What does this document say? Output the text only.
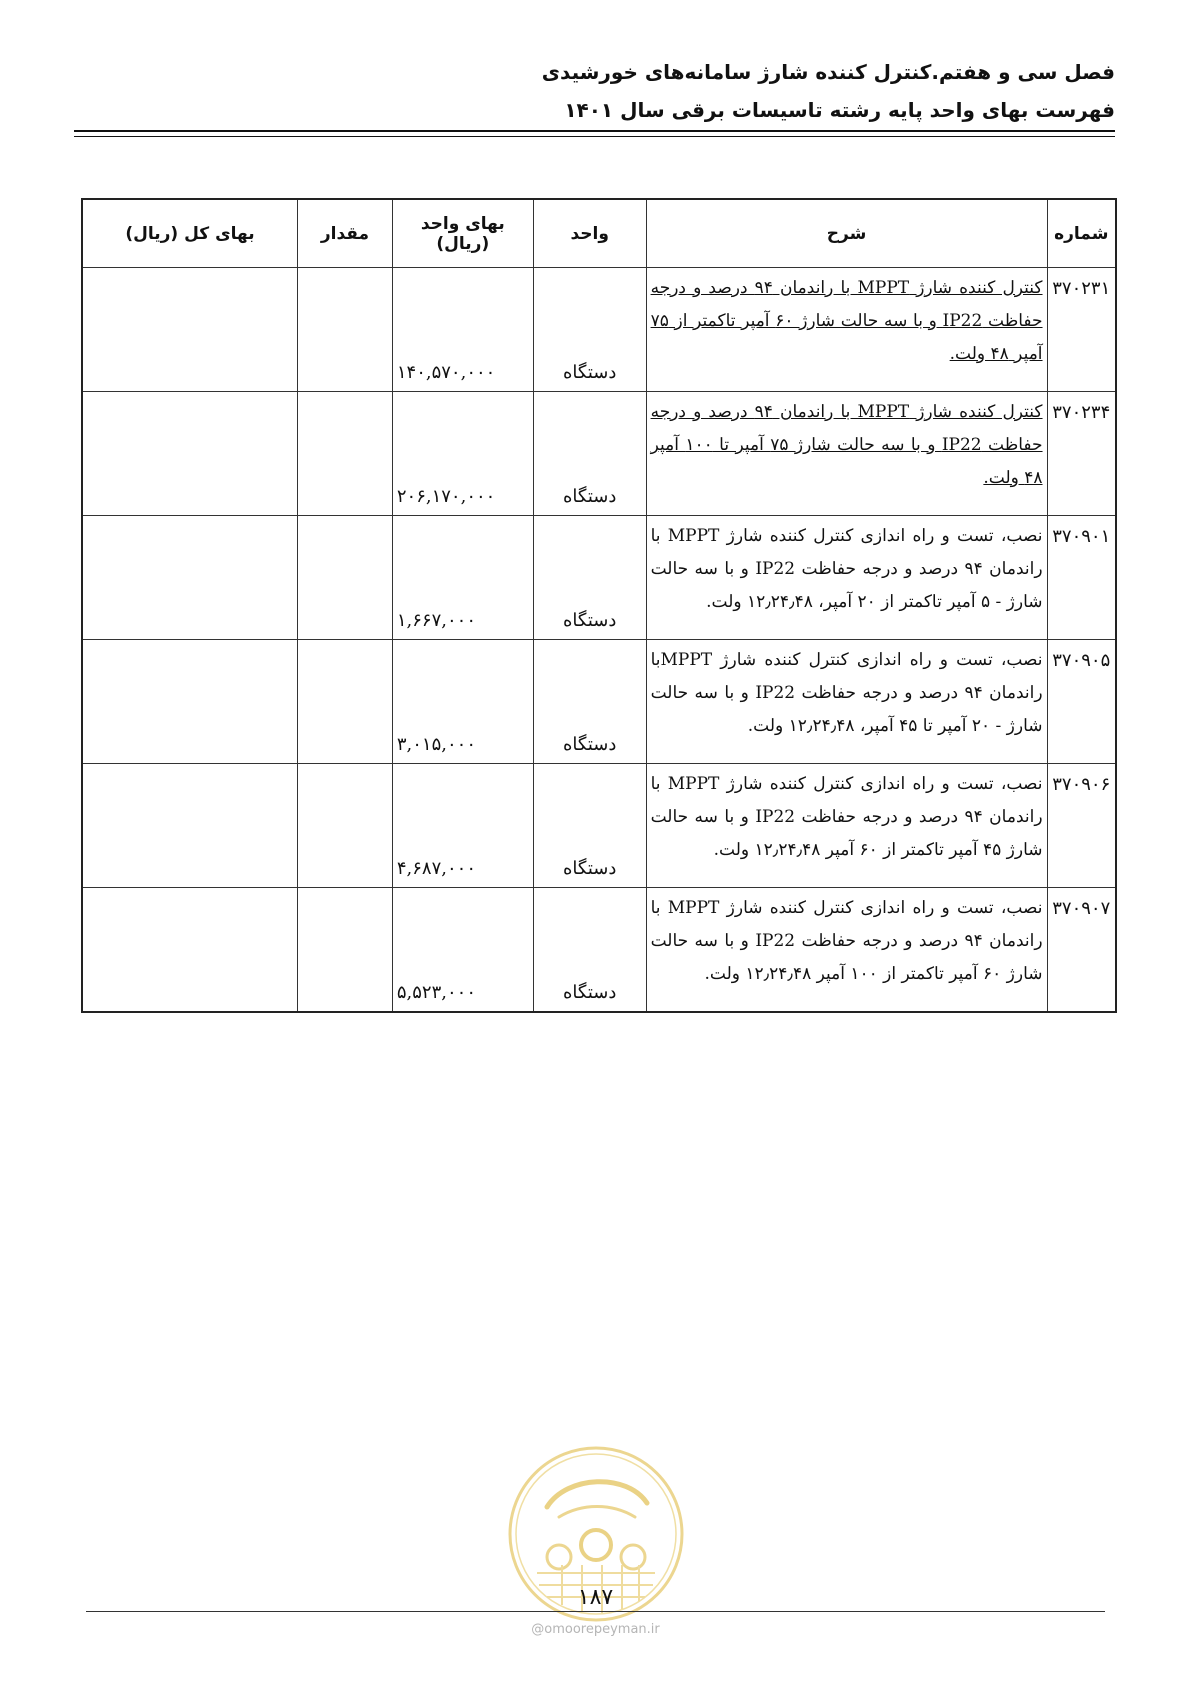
فصل سی و هفتم.کنترل کننده شارژ سامانه‌های خورشیدی
فهرست بهای واحد پایه رشته تاسیسات برقی سال ۱۴۰۱
شماره	شرح	واحد	بهای واحد (ریال)	مقدار	بهای کل (ریال)
۳۷۰۲۳۱	کنترل کننده شارژ MPPT با راندمان ۹۴ درصد و درجه حفاظت IP22 و با سه حالت شارژ ۶۰ آمپر تاکمتر از ۷۵ آمپر ۴۸ ولت.	دستگاه	۱۴۰,۵۷۰,۰۰۰		
۳۷۰۲۳۴	کنترل کننده شارژ MPPT با راندمان ۹۴ درصد و درجه حفاظت IP22 و با سه حالت شارژ ۷۵ آمپر تا ۱۰۰ آمپر ۴۸ ولت.	دستگاه	۲۰۶,۱۷۰,۰۰۰		
۳۷۰۹۰۱	نصب، تست و راه اندازی کنترل کننده شارژ MPPT با راندمان ۹۴ درصد و درجه حفاظت IP22 و با سه حالت شارژ - ۵ آمپر تاکمتر از ۲۰ آمپر، ۱۲٫۲۴٫۴۸ ولت.	دستگاه	۱,۶۶۷,۰۰۰		
۳۷۰۹۰۵	نصب، تست و راه اندازی کنترل کننده شارژ MPPTبا راندمان ۹۴ درصد و درجه حفاظت IP22 و با سه حالت شارژ - ۲۰ آمپر تا ۴۵ آمپر، ۱۲٫۲۴٫۴۸ ولت.	دستگاه	۳,۰۱۵,۰۰۰		
۳۷۰۹۰۶	نصب، تست و راه اندازی کنترل کننده شارژ MPPT با راندمان ۹۴ درصد و درجه حفاظت IP22 و با سه حالت شارژ ۴۵ آمپر تاکمتر از ۶۰ آمپر ۱۲٫۲۴٫۴۸ ولت.	دستگاه	۴,۶۸۷,۰۰۰		
۳۷۰۹۰۷	نصب، تست و راه اندازی کنترل کننده شارژ MPPT با راندمان ۹۴ درصد و درجه حفاظت IP22 و با سه حالت شارژ ۶۰ آمپر تاکمتر از ۱۰۰ آمپر ۱۲٫۲۴٫۴۸ ولت.	دستگاه	۵,۵۲۳,۰۰۰		
۱۸۷
@omoorepeyman.ir
